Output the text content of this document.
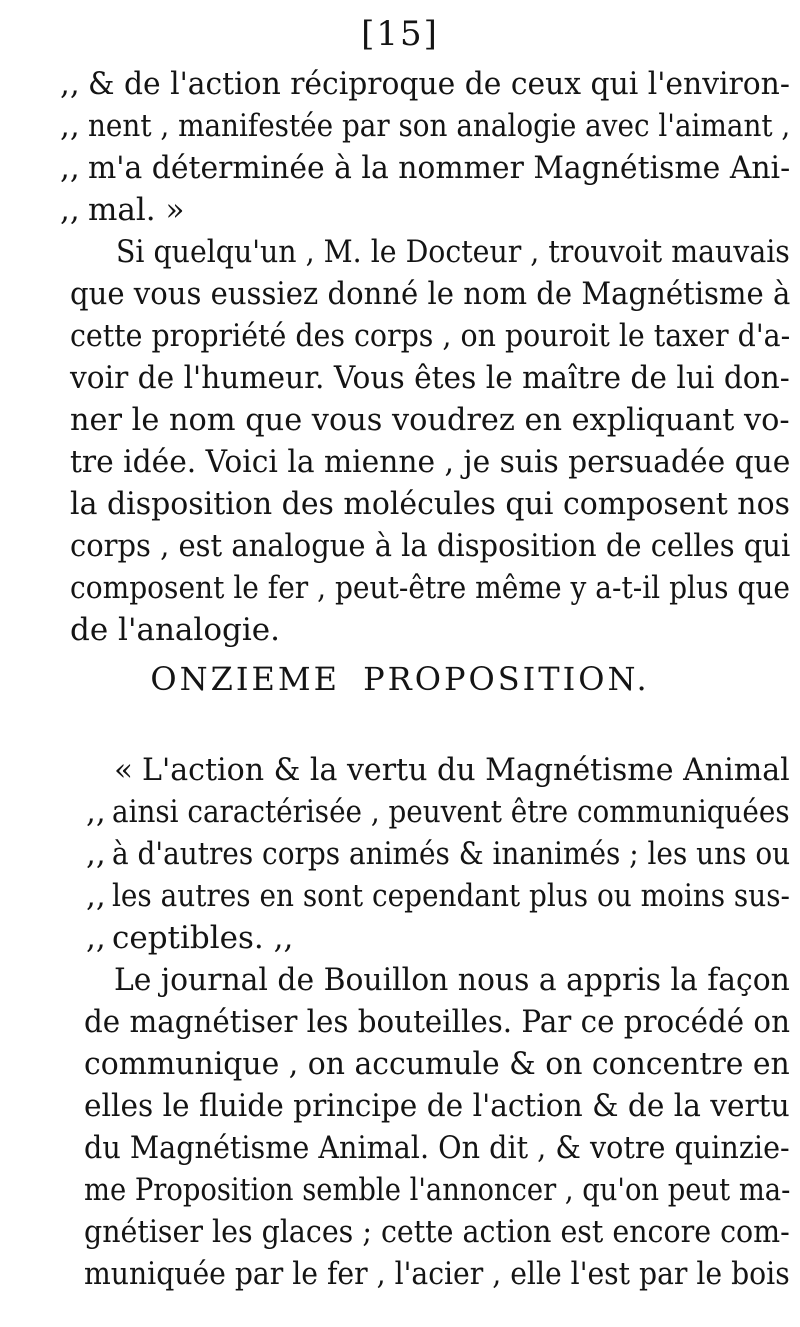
[15]
,, & de l'action réciproque de ceux qui l'environ-
,, nent , manifestée par son analogie avec l'aimant ,
,, m'a déterminée à la nommer Magnétisme Ani-
,, mal. »
Si quelqu'un , M. le Docteur , trouvoit mauvais
que vous eussiez donné le nom de Magnétisme à
cette propriété des corps , on pouroit le taxer d'a-
voir de l'humeur. Vous êtes le maître de lui don-
ner le nom que vous voudrez en expliquant vo-
tre idée. Voici la mienne , je suis persuadée que
la disposition des molécules qui composent nos
corps , est analogue à la disposition de celles qui
composent le fer , peut-être même y a-t-il plus que
de l'analogie.
ONZIEME PROPOSITION.
« L'action & la vertu du Magnétisme Animal
,, ainsi caractérisée , peuvent être communiquées
,, à d'autres corps animés & inanimés ; les uns ou
,, les autres en sont cependant plus ou moins sus-
,, ceptibles. ,,
Le journal de Bouillon nous a appris la façon
de magnétiser les bouteilles. Par ce procédé on
communique , on accumule & on concentre en
elles le fluide principe de l'action & de la vertu
du Magnétisme Animal. On dit , & votre quinzie-
me Proposition semble l'annoncer , qu'on peut ma-
gnétiser les glaces ; cette action est encore com-
muniquée par le fer , l'acier , elle l'est par le bois
